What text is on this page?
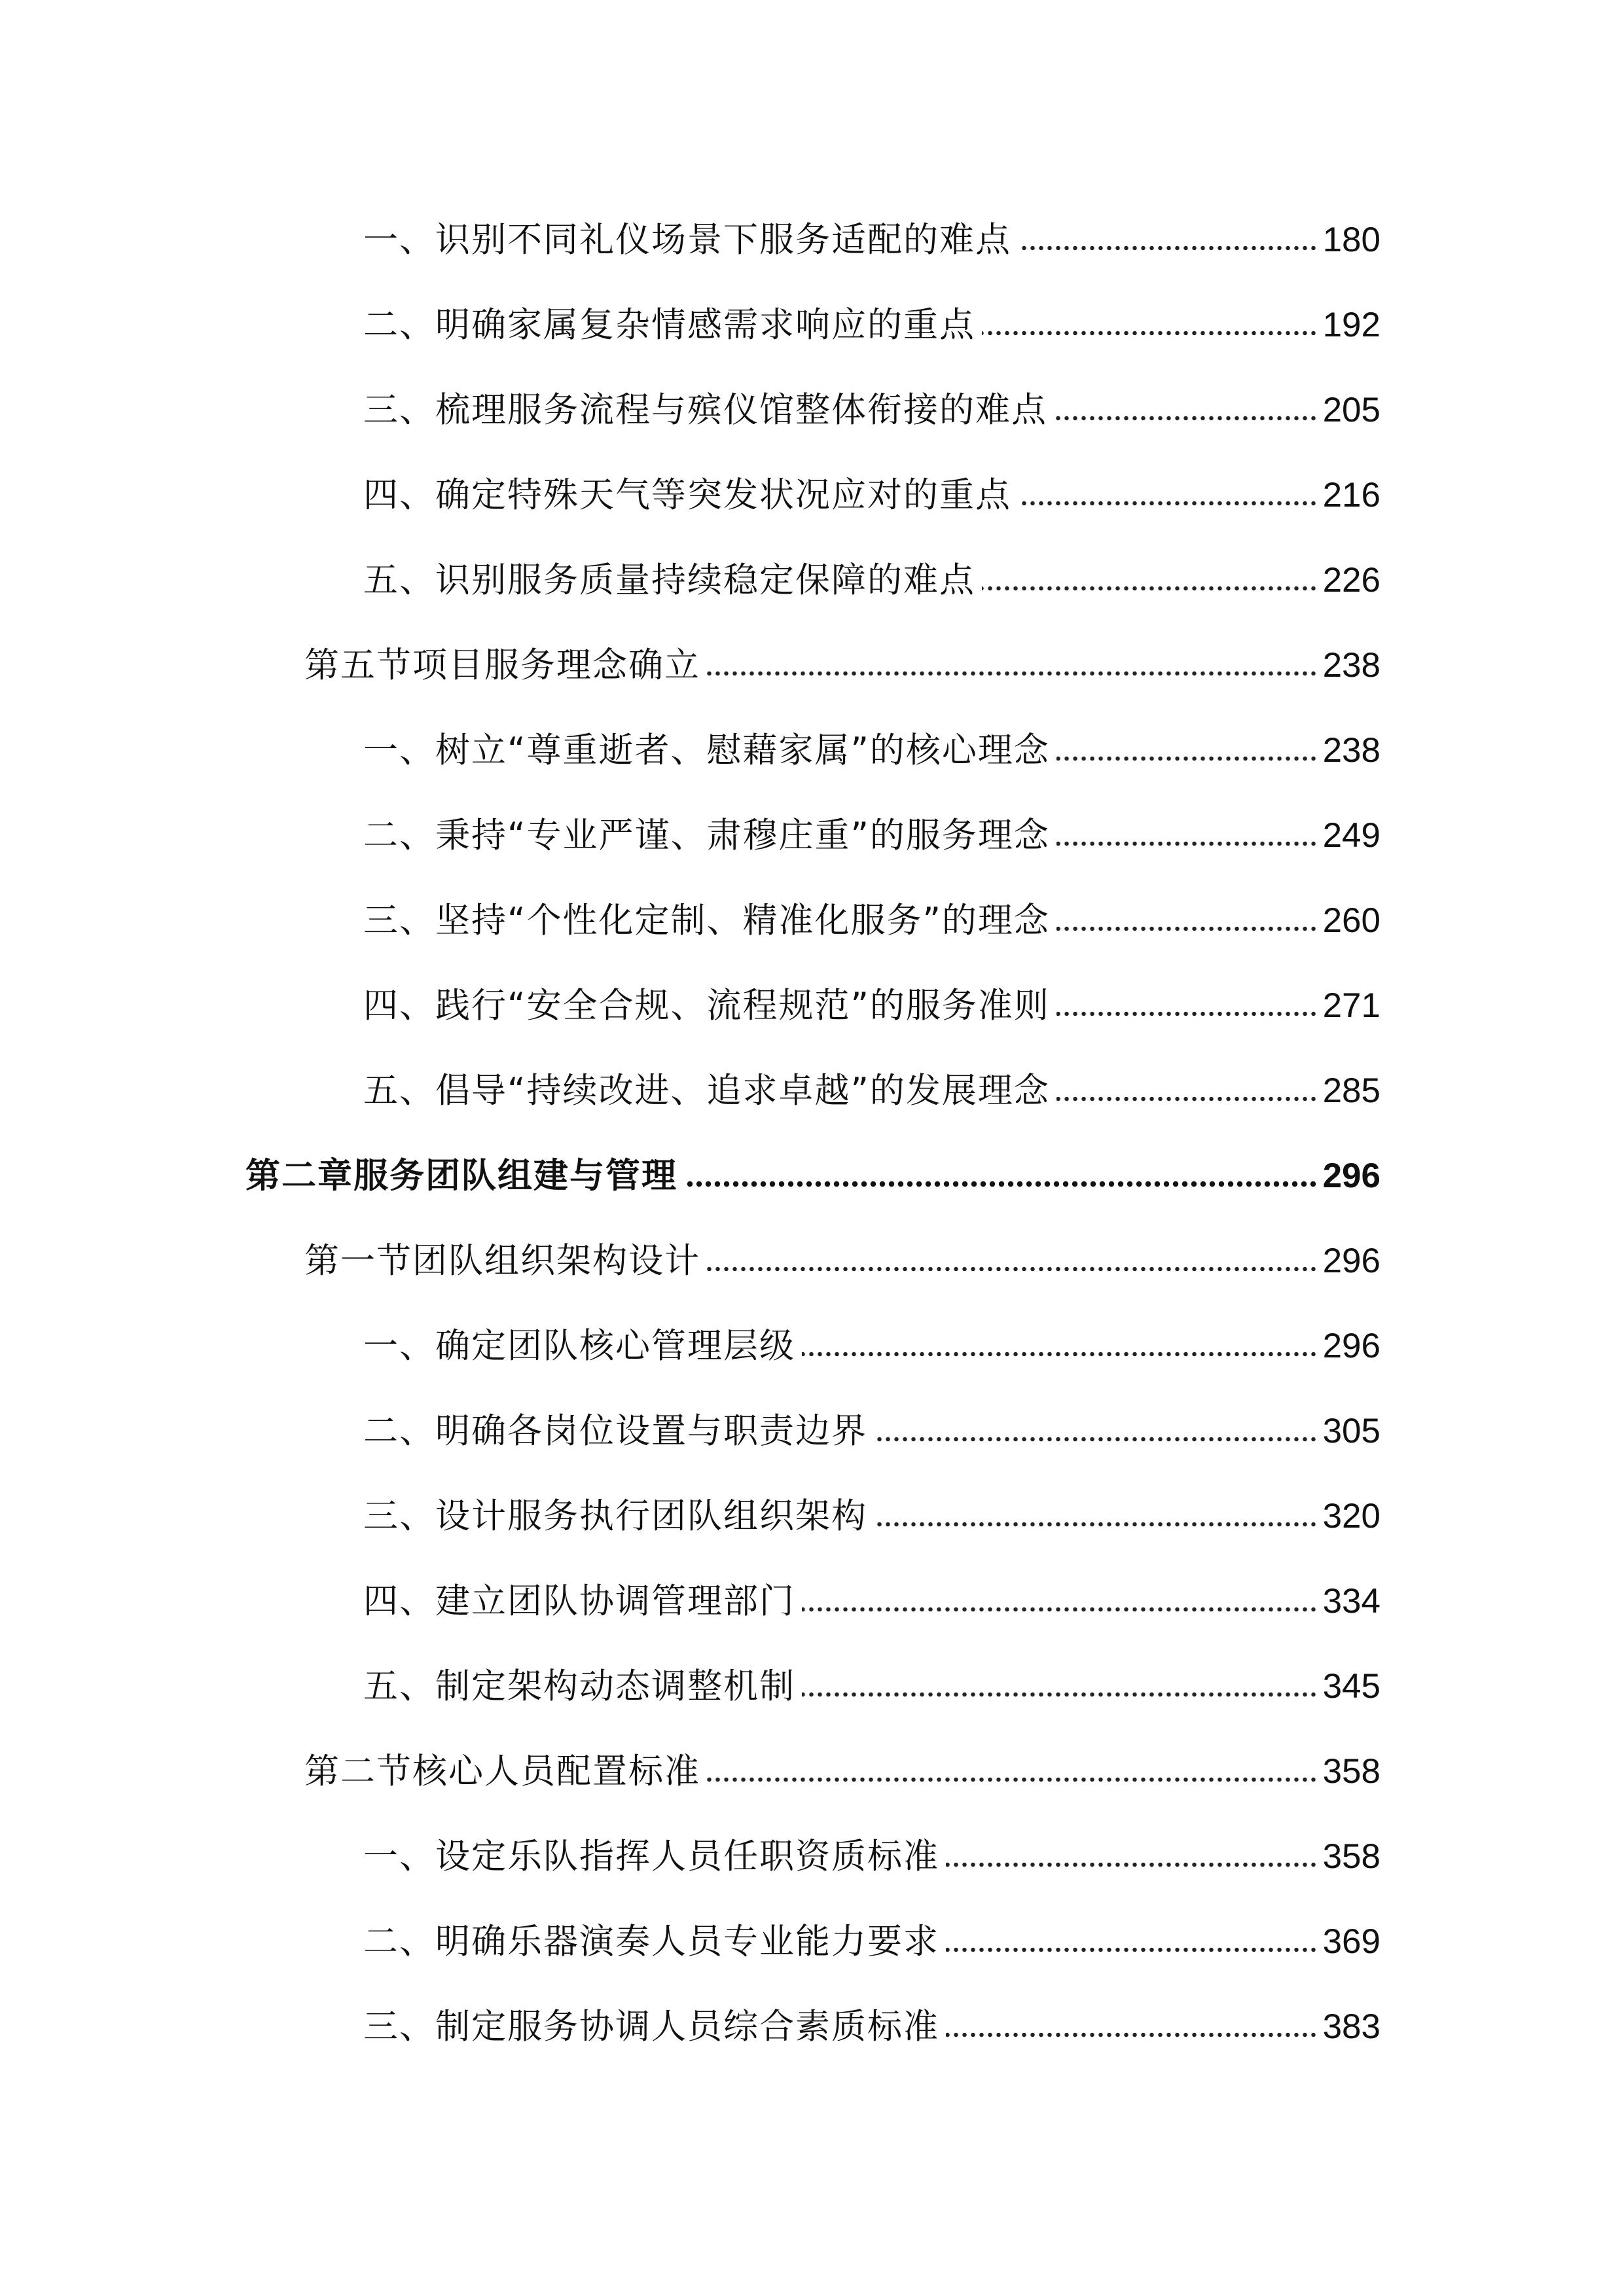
一、识别不同礼仪场景下服务适配的难点	180
二、明确家属复杂情感需求响应的重点	192
三、梳理服务流程与殡仪馆整体衔接的难点	205
四、确定特殊天气等突发状况应对的重点	216
五、识别服务质量持续稳定保障的难点	226
第五节项目服务理念确立	238
一、树立“尊重逝者、慰藉家属”的核心理念	238
二、秉持“专业严谨、肃穆庄重”的服务理念	249
三、坚持“个性化定制、精准化服务”的理念	260
四、践行“安全合规、流程规范”的服务准则	271
五、倡导“持续改进、追求卓越”的发展理念	285
第二章服务团队组建与管理	296
第一节团队组织架构设计	296
一、确定团队核心管理层级	296
二、明确各岗位设置与职责边界	305
三、设计服务执行团队组织架构	320
四、建立团队协调管理部门	334
五、制定架构动态调整机制	345
第二节核心人员配置标准	358
一、设定乐队指挥人员任职资质标准	358
二、明确乐器演奏人员专业能力要求	369
三、制定服务协调人员综合素质标准	383
